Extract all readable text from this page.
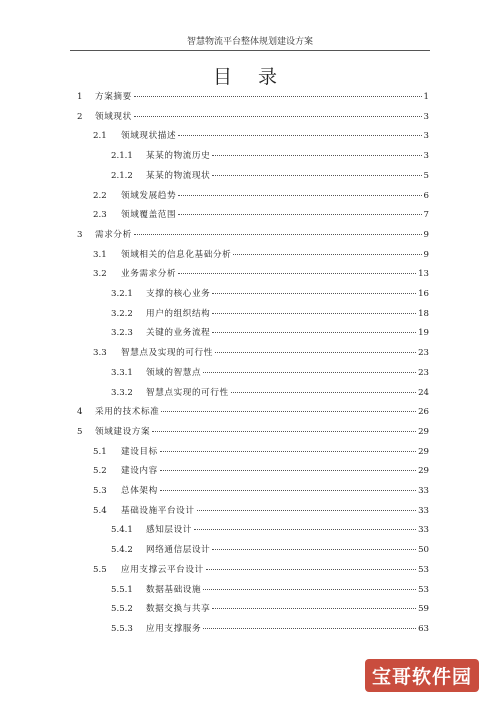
智慧物流平台整体规划建设方案
目 录
1 方案摘要	1
2 领域现状	3
2.1 领域现状描述	3
2.1.1 某某的物流历史	3
2.1.2 某某的物流现状	5
2.2 领域发展趋势	6
2.3 领域覆盖范围	7
3 需求分析	9
3.1 领域相关的信息化基础分析	9
3.2 业务需求分析	13
3.2.1 支撑的核心业务	16
3.2.2 用户的组织结构	18
3.2.3 关键的业务流程	19
3.3 智慧点及实现的可行性	23
3.3.1 领域的智慧点	23
3.3.2 智慧点实现的可行性	24
4 采用的技术标准	26
5 领域建设方案	29
5.1 建设目标	29
5.2 建设内容	29
5.3 总体架构	33
5.4 基础设施平台设计	33
5.4.1 感知层设计	33
5.4.2 网络通信层设计	50
5.5 应用支撑云平台设计	53
5.5.1 数据基础设施	53
5.5.2 数据交换与共享	59
5.5.3 应用支撑服务	63
宝哥软件园
